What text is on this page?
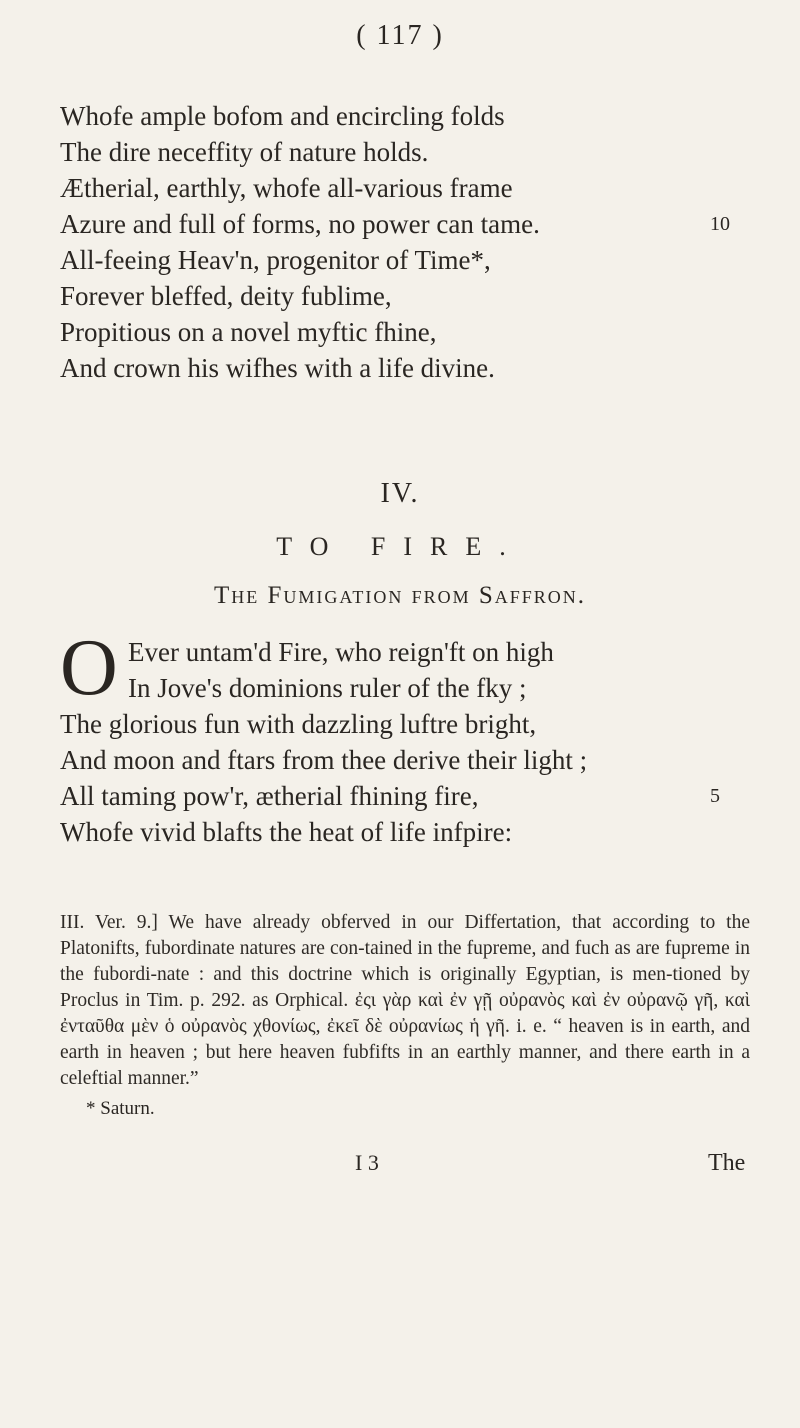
( 117 )
Whofe ample bofom and encircling folds
The dire neceffity of nature holds.
Ætherial, earthly, whofe all-various frame
Azure and full of forms, no power can tame.	10
All-feeing Heav'n, progenitor of Time*,
Forever bleffed, deity fublime,
Propitious on a novel myftic fhine,
And crown his wifhes with a life divine.
IV.
TO FIRE.
The Fumigation from Saffron.
O Ever untam'd Fire, who reign'ft on high
In Jove's dominions ruler of the fky ;
The glorious fun with dazzling luftre bright,
And moon and ftars from thee derive their light ;
All taming pow'r, ætherial fhining fire,	5
Whofe vivid blafts the heat of life infpire:

III. Ver. 9.] We have already obferved in our Differtation, that according to the Platonifts, fubordinate natures are con-tained in the fupreme, and fuch as are fupreme in the fubordi-nate : and this doctrine which is originally Egyptian, is men-tioned by Proclus in Tim. p. 292. as Orphical. ἐςι γὰρ καὶ ἐν γῇ οὐρανὸς καὶ ἐν οὐρανῷ γῆ, καὶ ἐνταῦθα μὲν ὁ οὐρανὸς χθονίως, ἐκεῖ δὲ οὐρανίως ἡ γῆ. i. e. “ heaven is in earth, and earth in heaven ; but here heaven fubfifts in an earthly manner, and there earth in a celeftial manner.”

* Saturn.
I 3	The
